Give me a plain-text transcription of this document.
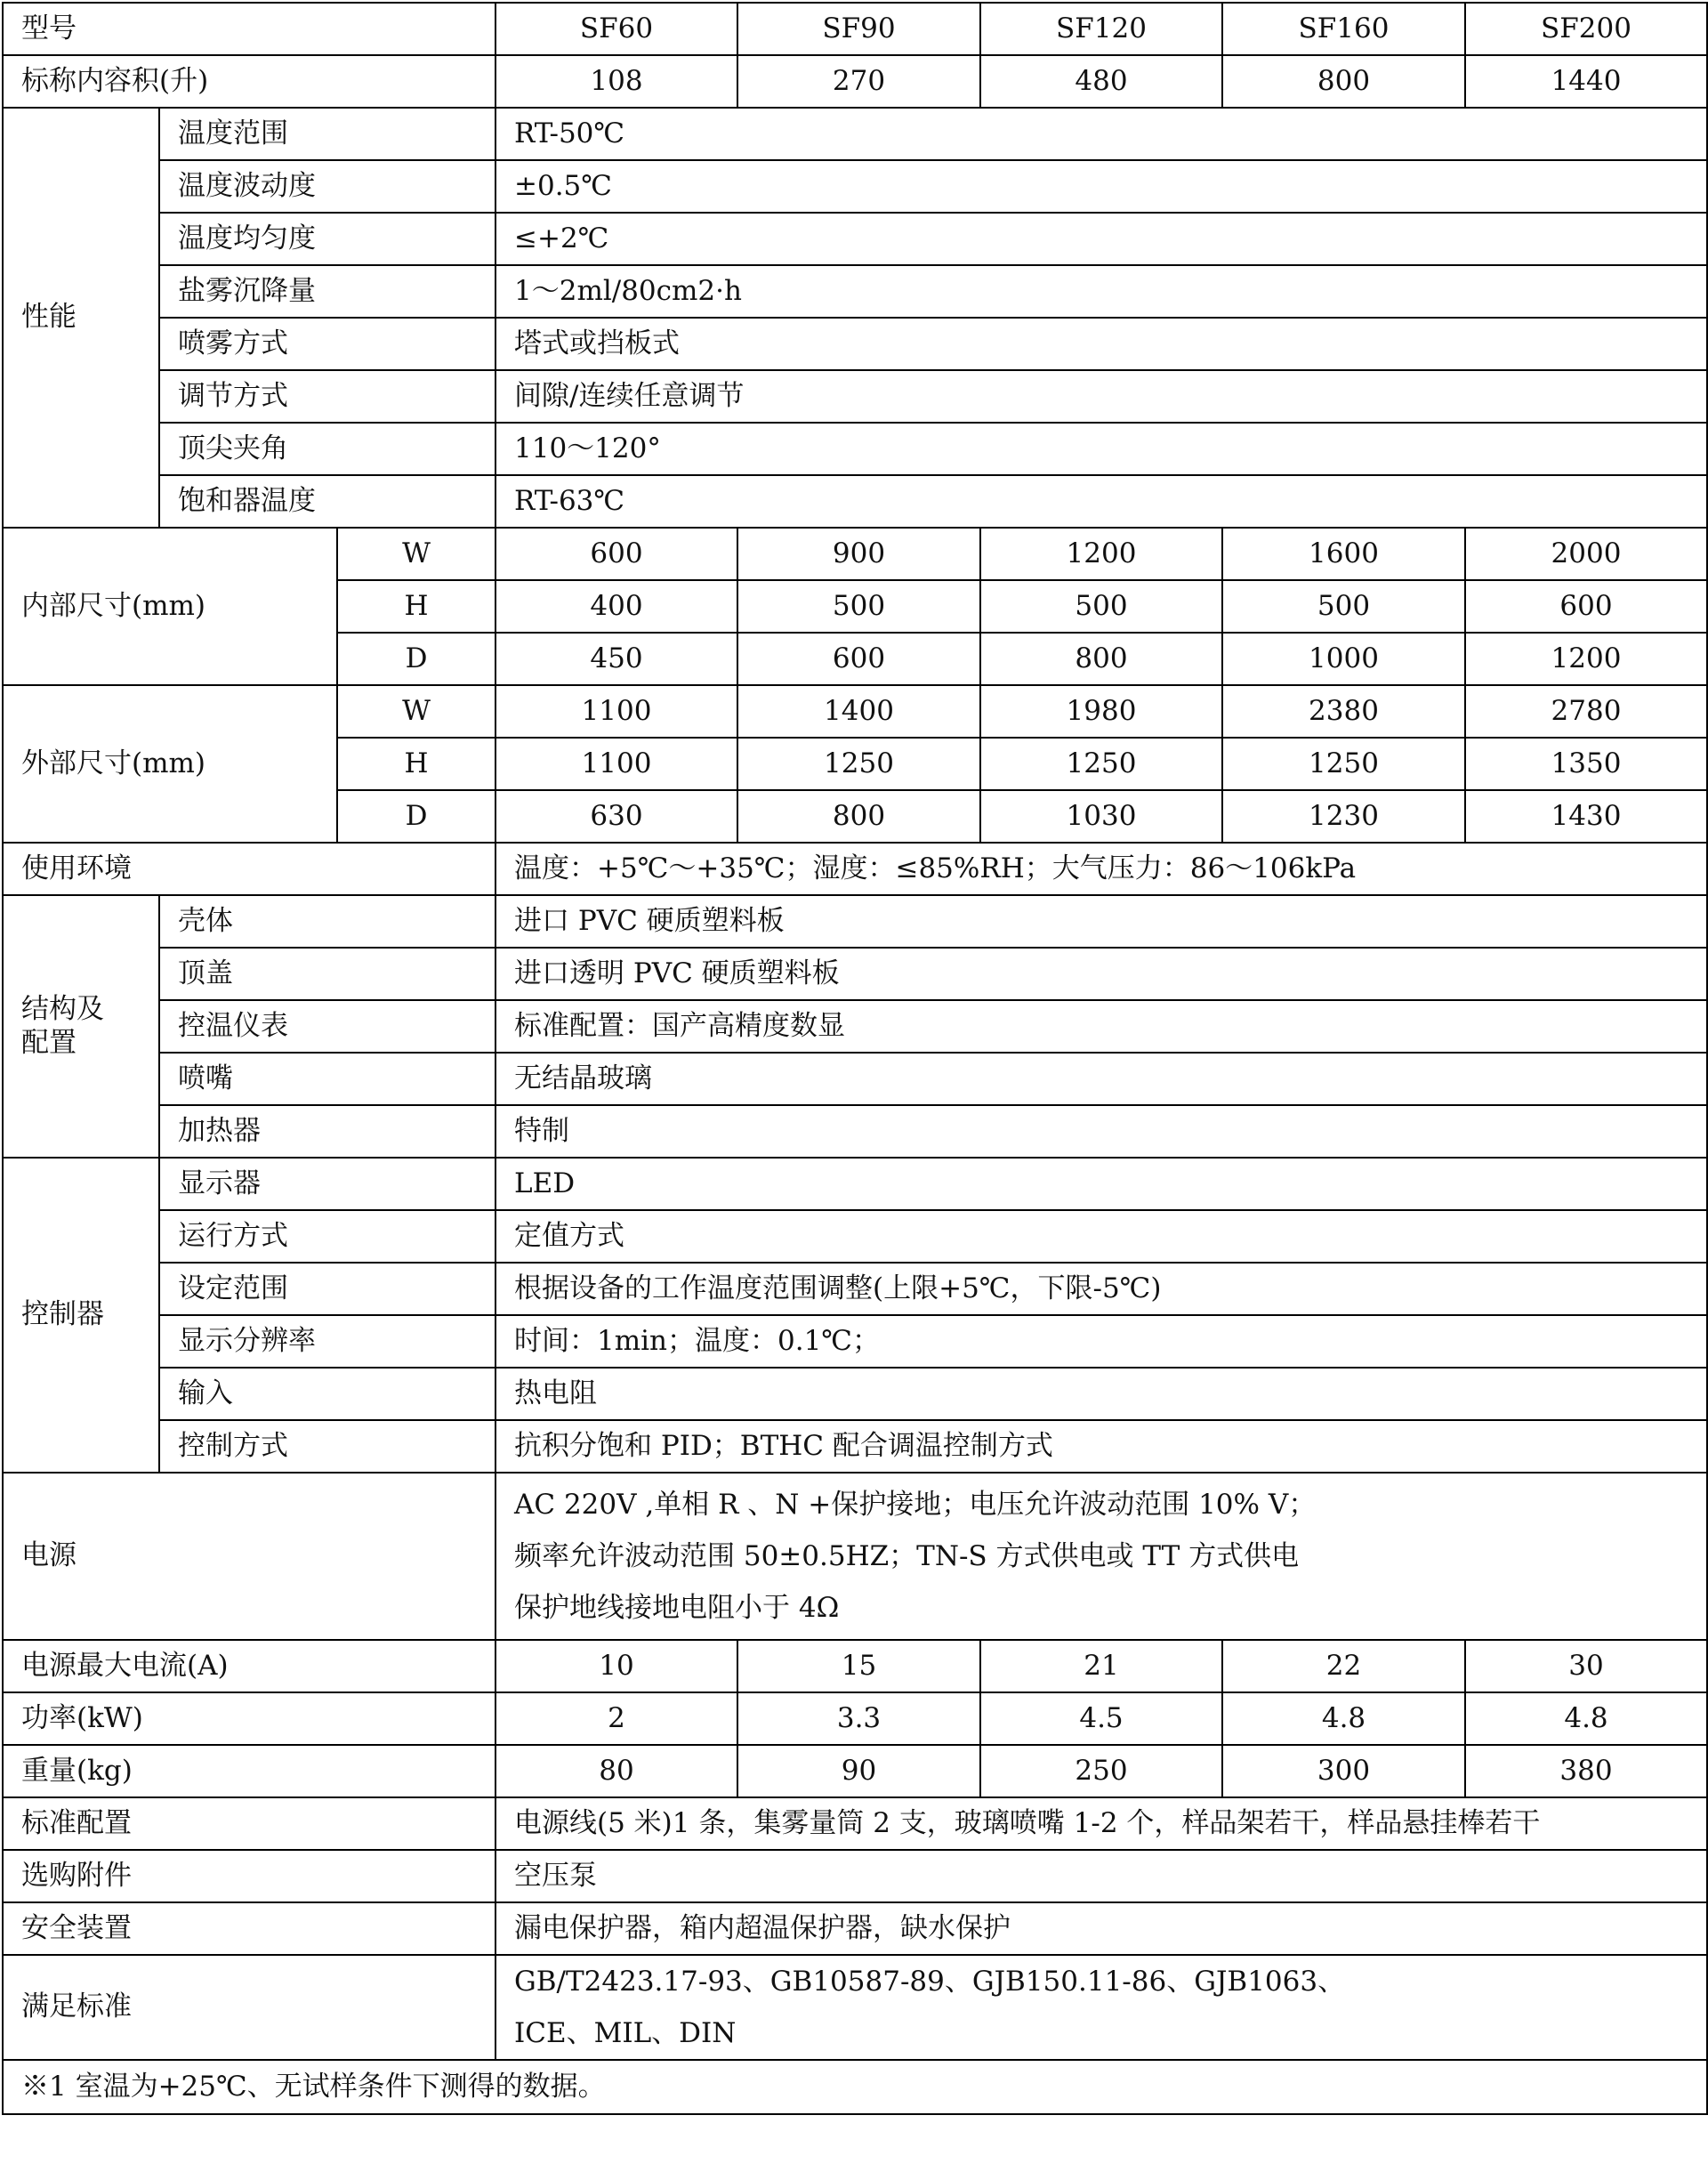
型号			SF60	SF90	SF120	SF160	SF200
标称内容积(升)			108	270	480	800	1440
性能	温度范围		RT-50℃				
	温度波动度		±0.5℃				
	温度均匀度		≤+2℃				
	盐雾沉降量		1～2ml/80cm2·h				
	喷雾方式		塔式或挡板式				
	调节方式		间隙/连续任意调节				
	顶尖夹角		110～120°				
	饱和器温度		RT-63℃				
内部尺寸(mm)		W	600	900	1200	1600	2000
		H	400	500	500	500	600
		D	450	600	800	1000	1200
外部尺寸(mm)		W	1100	1400	1980	2380	2780
		H	1100	1250	1250	1250	1350
		D	630	800	1030	1230	1430
使用环境			温度：+5℃～+35℃；湿度：≤85%RH；大气压力：86～106kPa				

结构及
配置	壳体		进口 PVC 硬质塑料板				
	顶盖		进口透明 PVC 硬质塑料板				
	控温仪表		标准配置：国产高精度数显				
	喷嘴		无结晶玻璃				
	加热器		特制				
控制器	显示器		LED				
	运行方式		定值方式				
	设定范围		根据设备的工作温度范围调整(上限+5℃，下限-5℃)				
	显示分辨率		时间：1min；温度：0.1℃；				
	输入		热电阻				
	控制方式		抗积分饱和 PID；BTHC 配合调温控制方式				
电源			AC 220V ,单相 R 、N +保护接地；电压允许波动范围 10% V；
频率允许波动范围 50±0.5HZ；TN-S 方式供电或 TT 方式供电
保护地线接地电阻小于 4Ω				

电源最大电流(A)			10	15	21	22	30
功率(kW)			2	3.3	4.5	4.8	4.8
重量(kg)			80	90	250	300	380
标准配置			电源线(5 米)1 条，集雾量筒 2 支，玻璃喷嘴 1-2 个，样品架若干，样品悬挂棒若干				
选购附件			空压泵				
安全装置			漏电保护器，箱内超温保护器，缺水保护				
满足标准			GB/T2423.17-93、GB10587-89、GJB150.11-86、GJB1063、
ICE、MIL、DIN				

※1 室温为+25℃、无试样条件下测得的数据。							
